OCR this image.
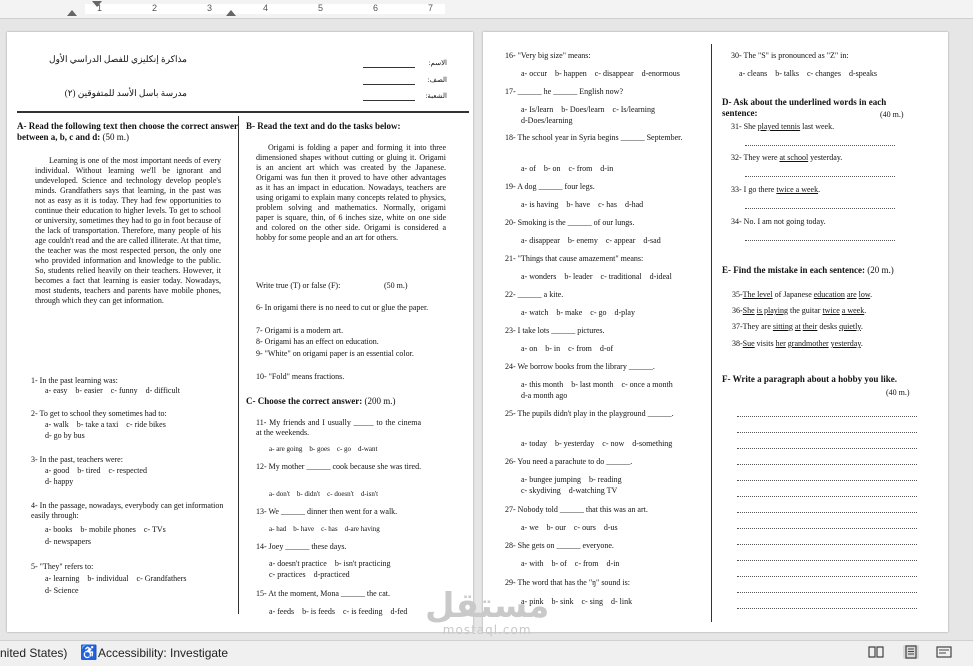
1	2	3	4	5	6	7
مذاكرة إنكليزي للفصل الدراسي الأول
مدرسة باسل الأسد للمتفوقين (٢)
الاسم:
الصف:
الشعبة:
A- Read the following text then choose the correct answer between a, b, c and d: (50 m.)
Learning is one of the most important needs of every individual. Without learning we'll be ignorant and undeveloped. Science and technology develop people's minds. Grandfathers says that learning, in the past was not as easy as it is today. They had few opportunities to continue their education to higher levels. To get to school or university, sometimes they had to go in foot because of the lack of transportation. Therefore, many people of his age couldn't read and the are called illiterate. At that time, the teacher was the most respected person, the only one who provided information and knowledge to the public. So, students relied heavily on their teachers. However, it becomes a fact that learning is easier today. Nowadays, most students, teachers and parents have mobile phones, through which they can get information.
1- In the past learning was:
a- easy    b- easier    c- funny    d- difficult
2- To get to school they sometimes had to:
a- walk    b- take a taxi    c- ride bikes
d- go by bus
3- In the past, teachers were:
a- good    b- tired    c- respected
d- happy
4- In the passage, nowadays, everybody can get information easily through:
a- books    b- mobile phones    c- TVs
d- newspapers
5- "They" refers to:
a- learning    b- individual    c- Grandfathers
d- Science
B- Read the text and do the tasks below:
Origami is folding a paper and forming it into three dimensioned shapes without cutting or gluing it. Origami is an ancient art which was created by the Japanese. Origami was fun then it proved to have other advantages as it has an impact in education. Nowadays, teachers are using origami to explain many concepts related to physics, problem solving and mathematics. Normally, origami paper is square, thin, of 6 inches size, white on one side and colored on the other side. Origami is considered a hobby for some people and an art for others.
Write true (T) or false (F):	(50 m.)
6- In origami there is no need to cut or glue the paper.
7- Origami is a modern art.
8- Origami has an effect on education.
9- "White" on origami paper is an essential color.
10- "Fold" means fractions.
C- Choose the correct answer: (200 m.)
11- My friends and I usually _____ to the cinema at the weekends.
a- are going    b- goes    c- go    d-want
12- My mother ______ cook because she was tired.
a- don't    b- didn't    c- doesn't    d-isn't
13- We ______ dinner then went for a walk.
a- had    b- have    c- has    d-are having
14- Joey ______ these days.
a- doesn't practice    b- isn't practicing
c- practices    d-practiced
15- At the moment, Mona ______ the cat.
a- feeds    b- is feeds    c- is feeding    d-fed
16- "Very big size" means:
a- occur    b- happen    c- disappear    d-enormous
17- ______ he ______ English now?
a- Is/learn    b- Does/learn    c- Is/learning
d-Does/learning
18- The school year in Syria begins ______ September.
a- of    b- on    c- from    d-in
19- A dog ______ four legs.
a- is having    b- have    c- has    d-had
20- Smoking is the ______ of our lungs.
a- disappear    b- enemy    c- appear    d-sad
21- "Things that cause amazement" means:
a- wonders    b- leader    c- traditional    d-ideal
22- ______ a kite.
a- watch    b- make    c- go    d-play
23- I take lots ______ pictures.
a- on    b- in    c- from    d-of
24- We borrow books from the library ______.
a- this month    b- last month    c- once a month
d-a month ago
25- The pupils didn't play in the playground ______.
a- today    b- yesterday    c- now    d-something
26- You need a parachute to do ______.
a- bungee jumping    b- reading
c- skydiving    d-watching TV
27- Nobody told ______ that this was an art.
a- we    b- our    c- ours    d-us
28- She gets on ______ everyone.
a- with    b- of    c- from    d-in
29- The word that has the "ŋ" sound is:
a- pink    b- sink    c- sing    d- link
30- The "S" is pronounced as "Z" in:
a- cleans    b- talks    c- changes    d-speaks
D- Ask about the underlined words in each sentence:	(40 m.)
31- She played tennis last week.
32- They were at school yesterday.
33- I go there twice a week.
34- No. I am not going today.
E- Find the mistake in each sentence: (20 m.)
35-The level of Japanese education are low.
36-She is playing the guitar twice a week.
37-They are sitting at their desks quietly.
38-Sue visits her grandmother yesterday.
F- Write a paragraph about a hobby you like.
(40 m.)
مستقل
mostaql.com
nited States) ♿ Accessibility: Investigate
